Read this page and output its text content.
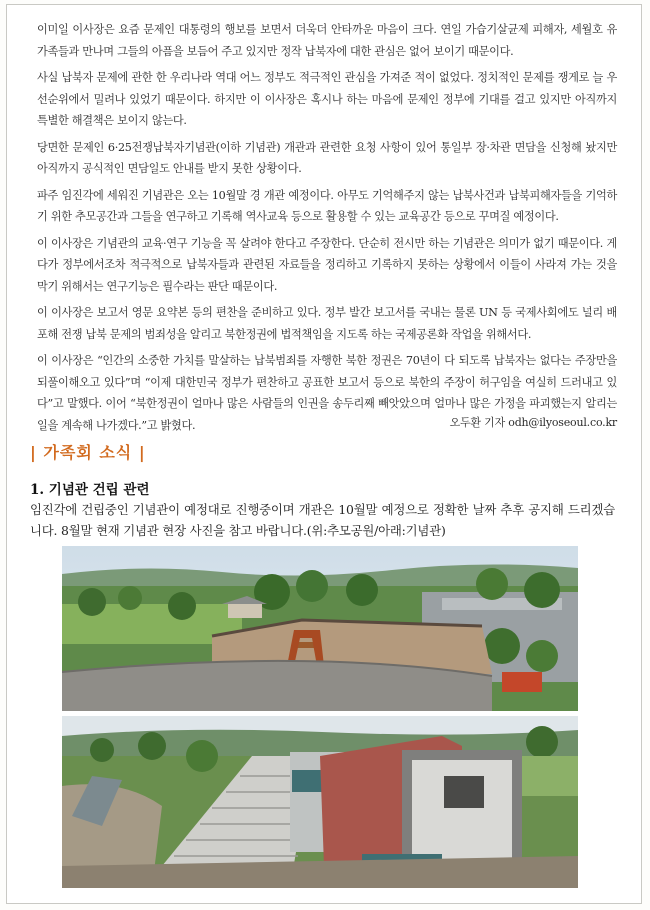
이미일 이사장은 요즘 문제인 대통령의 행보를 보면서 더욱더 안타까운 마음이 크다. 연일 가습기살균제 피해자, 세월호 유가족들과 만나며 그들의 아픔을 보듬어 주고 있지만 정작 납북자에 대한 관심은 없어 보이기 때문이다.

사실 납북자 문제에 관한 한 우리나라 역대 어느 정부도 적극적인 관심을 가져준 적이 없었다. 정치적인 문제를 쟁게로 늘 우선순위에서 밀려나 있었기 때문이다. 하지만 이 이사장은 혹시나 하는 마음에 문제인 정부에 기대를 걸고 있지만 아직까지 특별한 해결책은 보이지 않는다.

당면한 문제인 6·25전쟁납북자기념관(이하 기념관) 개관과 관련한 요청 사항이 있어 통일부 장·차관 면담을 신청해 놨지만 아직까지 공식적인 면담일도 안내를 받지 못한 상황이다.

파주 임진각에 세워진 기념관은 오는 10월말 경 개관 예정이다. 아무도 기억해주지 않는 납북사건과 납북피해자들을 기억하기 위한 추모공간과 그들을 연구하고 기록해 역사교육 등으로 활용할 수 있는 교육공간 등으로 꾸며질 예정이다.

이 이사장은 기념관의 교육·연구 기능을 꼭 살려야 한다고 주장한다. 단순히 전시만 하는 기념관은 의미가 없기 때문이다. 게다가 정부에서조차 적극적으로 납북자들과 관련된 자료들을 정리하고 기록하지 못하는 상황에서 이들이 사라져 가는 것을 막기 위해서는 연구기능은 필수라는 판단 때문이다.

이 이사장은 보고서 영문 요약본 등의 편찬을 준비하고 있다. 정부 발간 보고서를 국내는 물론 UN 등 국제사회에도 널리 배포해 전쟁 납북 문제의 범죄성을 알리고 북한정권에 법적책임을 지도록 하는 국제공론화 작업을 위해서다.

이 이사장은 “인간의 소중한 가치를 말살하는 납북범죄를 자행한 북한 정권은 70년이 다 되도록 납북자는 없다는 주장만을 되풀이해오고 있다”며 “이제 대한민국 정부가 편찬하고 공표한 보고서 등으로 북한의 주장이 허구임을 여실히 드러내고 있다”고 말했다. 이어 “북한정권이 얼마나 많은 사람들의 인권을 송두리째 빼앗았으며 얼마나 많은 가정을 파괴했는지 알리는 일을 계속해 나가겠다.”고 밝혔다.	오두환 기자 odh@ilyoseoul.co.kr

| 가족회 소식 |
1. 기념관 건립 관련
임진각에 건립중인 기념관이 예정대로 진행중이며 개관은 10월말 예정으로 정확한 날짜 추후 공지해 드리겠습니다. 8월말 현재 기념관 현장 사진을 참고 바랍니다.(위:추모공원/아래:기념관)
